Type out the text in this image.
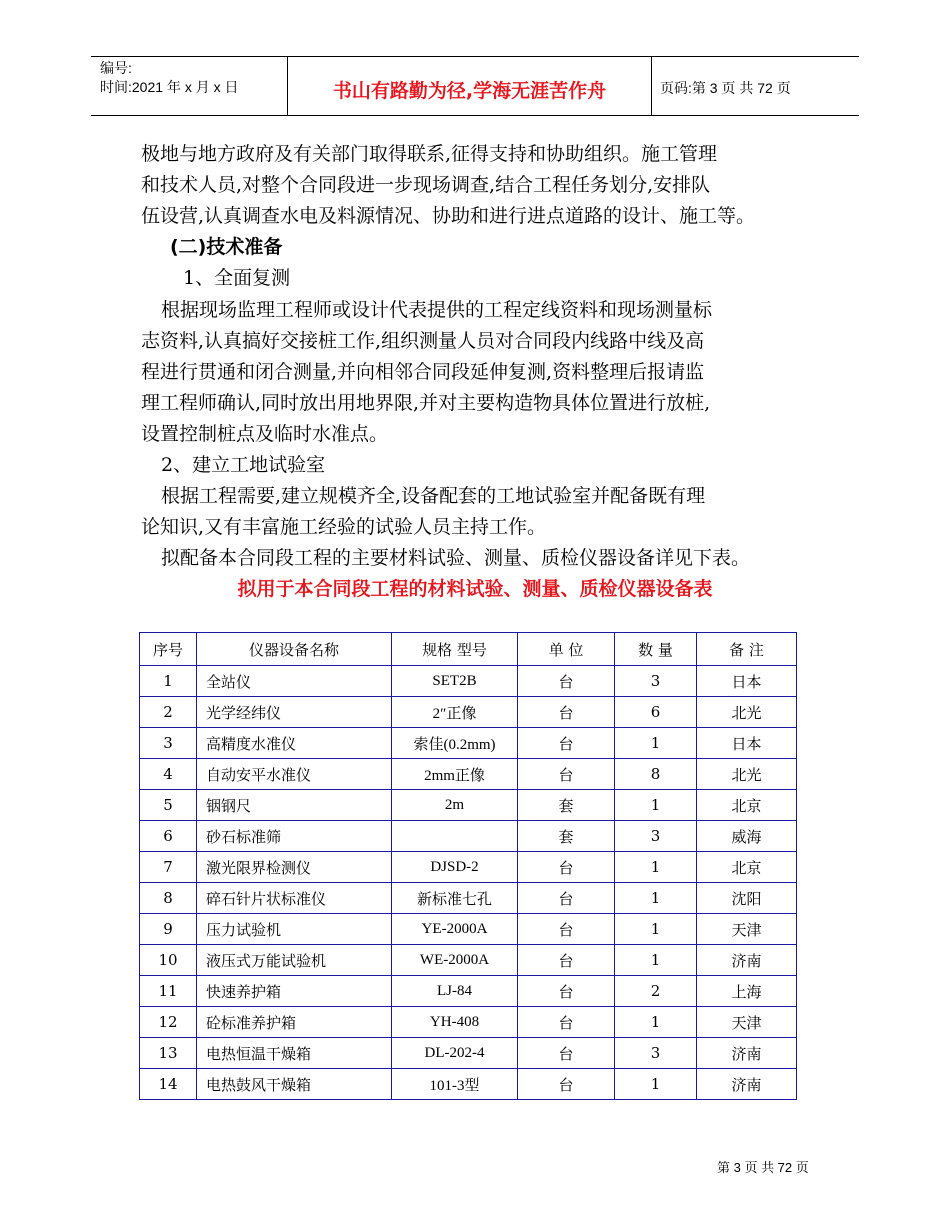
编号:
时间:2021 年 x 月 x 日	书山有路勤为径,学海无涯苦作舟	页码:第 3 页 共 72 页

极地与地方政府及有关部门取得联系,征得支持和协助组织。施工管理

和技术人员,对整个合同段进一步现场调查,结合工程任务划分,安排队

伍设营,认真调查水电及料源情况、协助和进行进点道路的设计、施工等。

(二)技术准备
1、全面复测

根据现场监理工程师或设计代表提供的工程定线资料和现场测量标

志资料,认真搞好交接桩工作,组织测量人员对合同段内线路中线及高

程进行贯通和闭合测量,并向相邻合同段延伸复测,资料整理后报请监

理工程师确认,同时放出用地界限,并对主要构造物具体位置进行放桩,

设置控制桩点及临时水准点。

2、建立工地试验室

根据工程需要,建立规模齐全,设备配套的工地试验室并配备既有理

论知识,又有丰富施工经验的试验人员主持工作。

拟配备本合同段工程的主要材料试验、测量、质检仪器设备详见下表。

拟用于本合同段工程的材料试验、测量、质检仪器设备表
序号	仪器设备名称	规格 型号	单 位	数 量	备 注
1	全站仪	SET2B	台	3	日本
2	光学经纬仪	2″正像	台	6	北光
3	高精度水准仪	索佳(0.2mm)	台	1	日本
4	自动安平水准仪	2mm正像	台	8	北光
5	铟钢尺	2m	套	1	北京
6	砂石标准筛		套	3	威海
7	激光限界检测仪	DJSD-2	台	1	北京
8	碎石针片状标准仪	新标准七孔	台	1	沈阳
9	压力试验机	YE-2000A	台	1	天津
10	液压式万能试验机	WE-2000A	台	1	济南
11	快速养护箱	LJ-84	台	2	上海
12	砼标准养护箱	YH-408	台	1	天津
13	电热恒温干燥箱	DL-202-4	台	3	济南
14	电热鼓风干燥箱	101-3型	台	1	济南
第 3 页 共 72 页
